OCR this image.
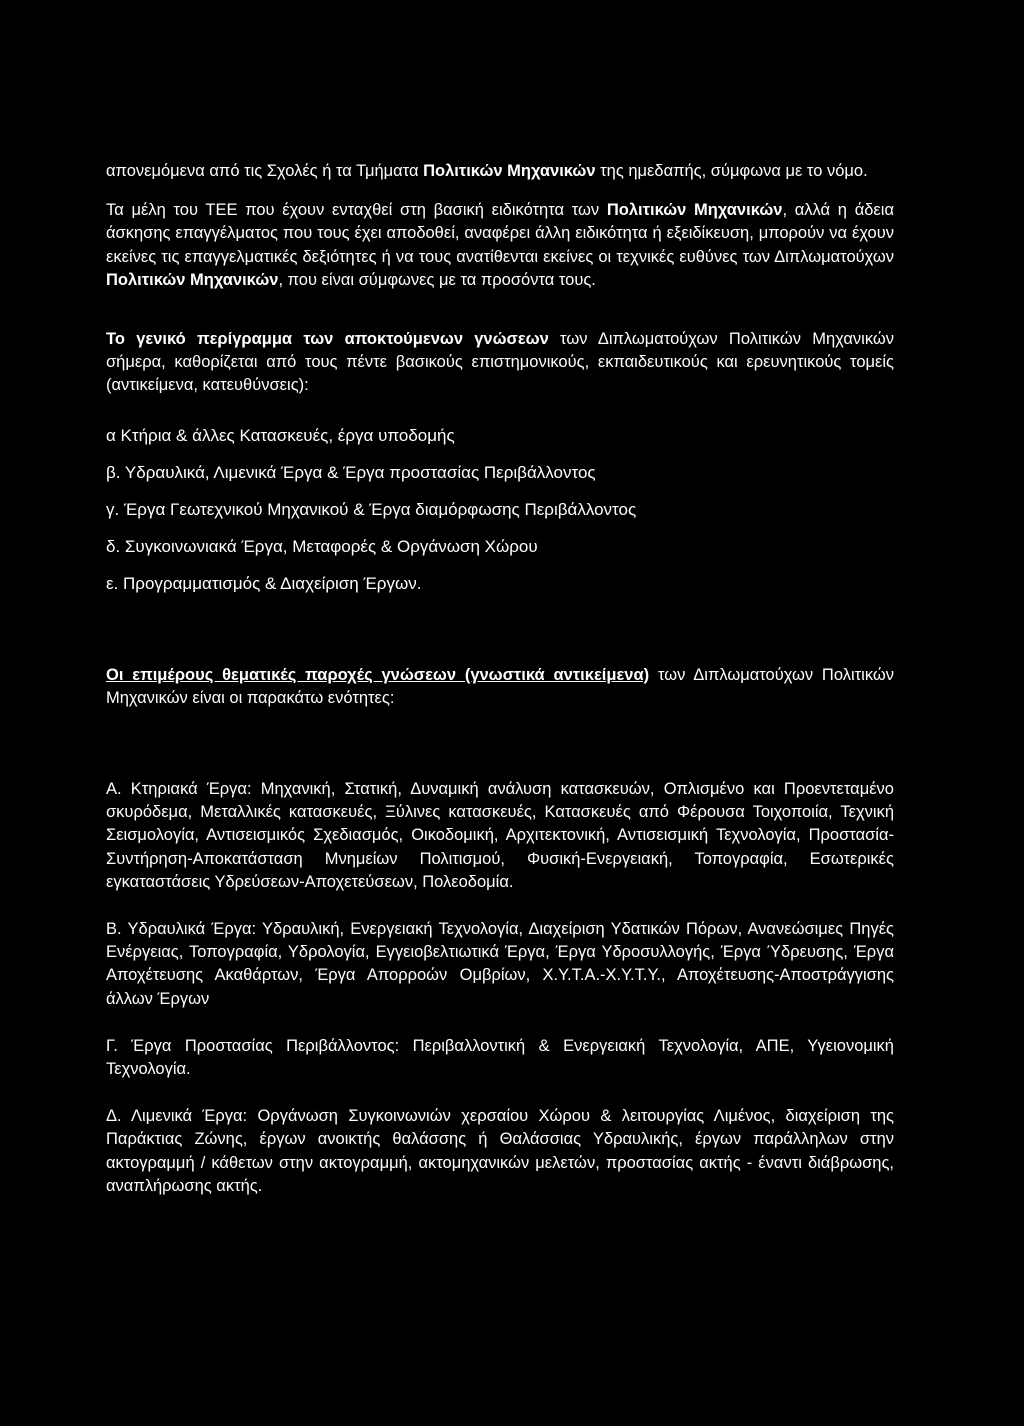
απονεμόμενα από τις Σχολές ή τα Τμήματα Πολιτικών Μηχανικών της ημεδαπής, σύμφωνα με το νόμο.

Τα μέλη του ΤΕΕ που έχουν ενταχθεί στη βασική ειδικότητα των Πολιτικών Μηχανικών, αλλά η άδεια άσκησης επαγγέλματος που τους έχει αποδοθεί, αναφέρει άλλη ειδικότητα ή εξειδίκευση, μπορούν να έχουν εκείνες τις επαγγελματικές δεξιότητες ή να τους ανατίθενται εκείνες οι τεχνικές ευθύνες των Διπλωματούχων Πολιτικών Μηχανικών, που είναι σύμφωνες με τα προσόντα τους.

Το γενικό περίγραμμα των αποκτούμενων γνώσεων των Διπλωματούχων Πολιτικών Μηχανικών σήμερα, καθορίζεται από τους πέντε βασικούς επιστημονικούς, εκπαιδευτικούς και ερευνητικούς τομείς (αντικείμενα, κατευθύνσεις):

α Κτήρια & άλλες Κατασκευές, έργα υποδομής

β. Υδραυλικά, Λιμενικά Έργα & Έργα προστασίας Περιβάλλοντος

γ. Έργα Γεωτεχνικού Μηχανικού & Έργα διαμόρφωσης Περιβάλλοντος

δ. Συγκοινωνιακά Έργα, Μεταφορές & Οργάνωση Χώρου

ε. Προγραμματισμός & Διαχείριση Έργων.

Οι επιμέρους θεματικές παροχές γνώσεων (γνωστικά αντικείμενα) των Διπλωματούχων Πολιτικών Μηχανικών είναι οι παρακάτω ενότητες:

Α. Κτηριακά Έργα: Μηχανική, Στατική, Δυναμική ανάλυση κατασκευών, Οπλισμένο και Προεντεταμένο σκυρόδεμα, Μεταλλικές κατασκευές, Ξύλινες κατασκευές, Κατασκευές από Φέρουσα Τοιχοποιία, Τεχνική Σεισμολογία, Αντισεισμικός Σχεδιασμός, Οικοδομική, Αρχιτεκτονική, Αντισεισμική Τεχνολογία, Προστασία-Συντήρηση-Αποκατάσταση Μνημείων Πολιτισμού, Φυσική-Ενεργειακή, Τοπογραφία, Εσωτερικές εγκαταστάσεις Υδρεύσεων-Αποχετεύσεων, Πολεοδομία.

Β. Υδραυλικά Έργα: Υδραυλική, Ενεργειακή Τεχνολογία, Διαχείριση Υδατικών Πόρων, Ανανεώσιμες Πηγές Ενέργειας, Τοπογραφία, Υδρολογία, Εγγειοβελτιωτικά Έργα, Έργα Υδροσυλλογής, Έργα Ύδρευσης, Έργα Αποχέτευσης Ακαθάρτων, Έργα Απορροών Ομβρίων, Χ.Υ.Τ.Α.-Χ.Υ.Τ.Υ., Αποχέτευσης-Αποστράγγισης άλλων Έργων

Γ. Έργα Προστασίας Περιβάλλοντος: Περιβαλλοντική & Ενεργειακή Τεχνολογία, ΑΠΕ, Υγειονομική Τεχνολογία.

Δ. Λιμενικά Έργα: Οργάνωση Συγκοινωνιών χερσαίου Χώρου & λειτουργίας Λιμένος, διαχείριση της Παράκτιας Ζώνης, έργων ανοικτής θαλάσσης ή Θαλάσσιας Υδραυλικής, έργων παράλληλων στην ακτογραμμή / κάθετων στην ακτογραμμή, ακτομηχανικών μελετών, προστασίας ακτής - έναντι διάβρωσης, αναπλήρωσης ακτής.
